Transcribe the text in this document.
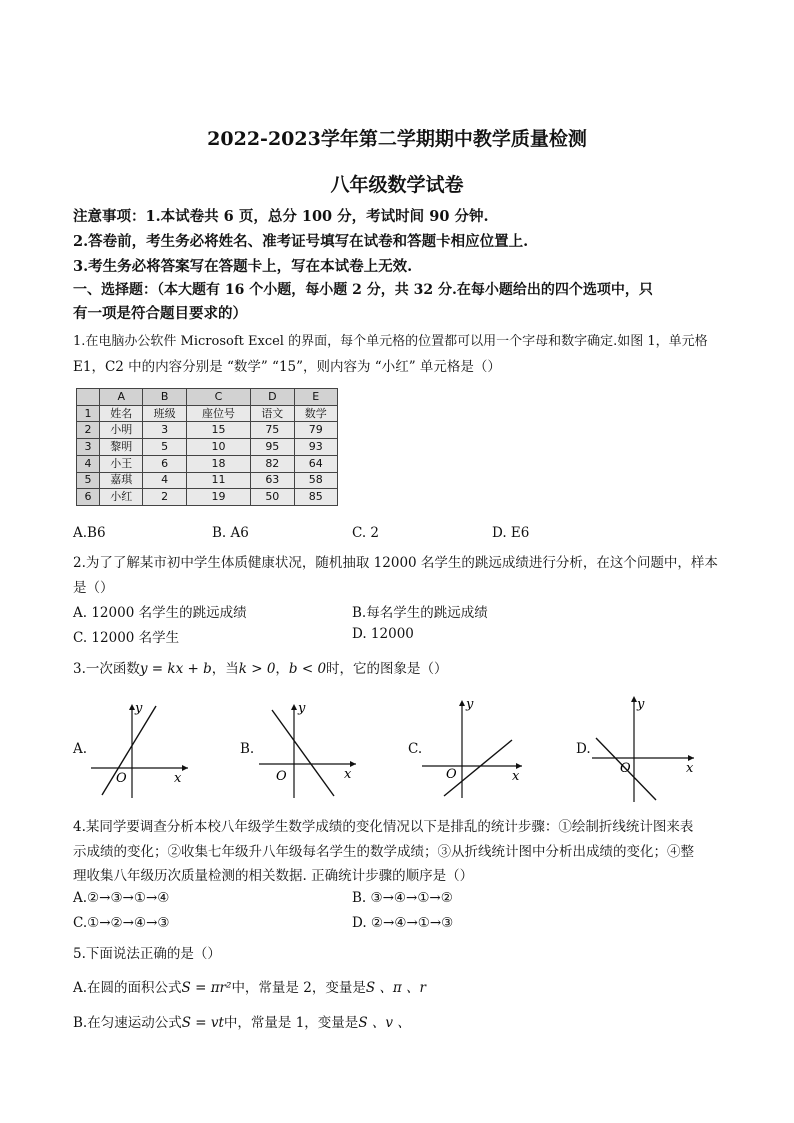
2022-2023学年第二学期期中教学质量检测
八年级数学试卷
注意事项：1.本试卷共 6 页，总分 100 分，考试时间 90 分钟.
2.答卷前，考生务必将姓名、准考证号填写在试卷和答题卡相应位置上.
3.考生务必将答案写在答题卡上，写在本试卷上无效.
一、选择题：（本大题有 16 个小题，每小题 2 分，共 32 分.在每小题给出的四个选项中，只
有一项是符合题目要求的）
1.在电脑办公软件 Microsoft Excel 的界面，每个单元格的位置都可以用一个字母和数字确定.如图 1，单元格
E1，C2 中的内容分别是 “数学” “15”，则内容为 “小红” 单元格是（）
	A	B	C	D	E
1	姓名	班级	座位号	语文	数学
2	小明	3	15	75	79
3	黎明	5	10	95	93
4	小王	6	18	82	64
5	嘉琪	4	11	63	58
6	小红	2	19	50	85
A.B6	B. A6	C. 2	D. E6
2.为了了解某市初中学生体质健康状况，随机抽取 12000 名学生的跳远成绩进行分析，在这个问题中，样本
是（）
A. 12000 名学生的跳远成绩	B.每名学生的跳远成绩
C. 12000 名学生	D. 12000
3.一次函数y = kx + b，当k > 0，b < 0时，它的图象是（）
A.	B.	C.	D.
x
y
O	x
y
O	x
y
O	x
y
O
4.某同学要调查分析本校八年级学生数学成绩的变化情况以下是排乱的统计步骤：①绘制折线统计图来表
示成绩的变化；②收集七年级升八年级每名学生的数学成绩；③从折线统计图中分析出成绩的变化；④整
理收集八年级历次质量检测的相关数据. 正确统计步骤的顺序是（）
A.②→③→①→④	B. ③→④→①→②
C.①→②→④→③	D. ②→④→①→③
5.下面说法正确的是（）
A.在圆的面积公式S = πr²中，常量是 2，变量是S 、π 、r
B.在匀速运动公式S = vt中，常量是 1，变量是S 、v 、
